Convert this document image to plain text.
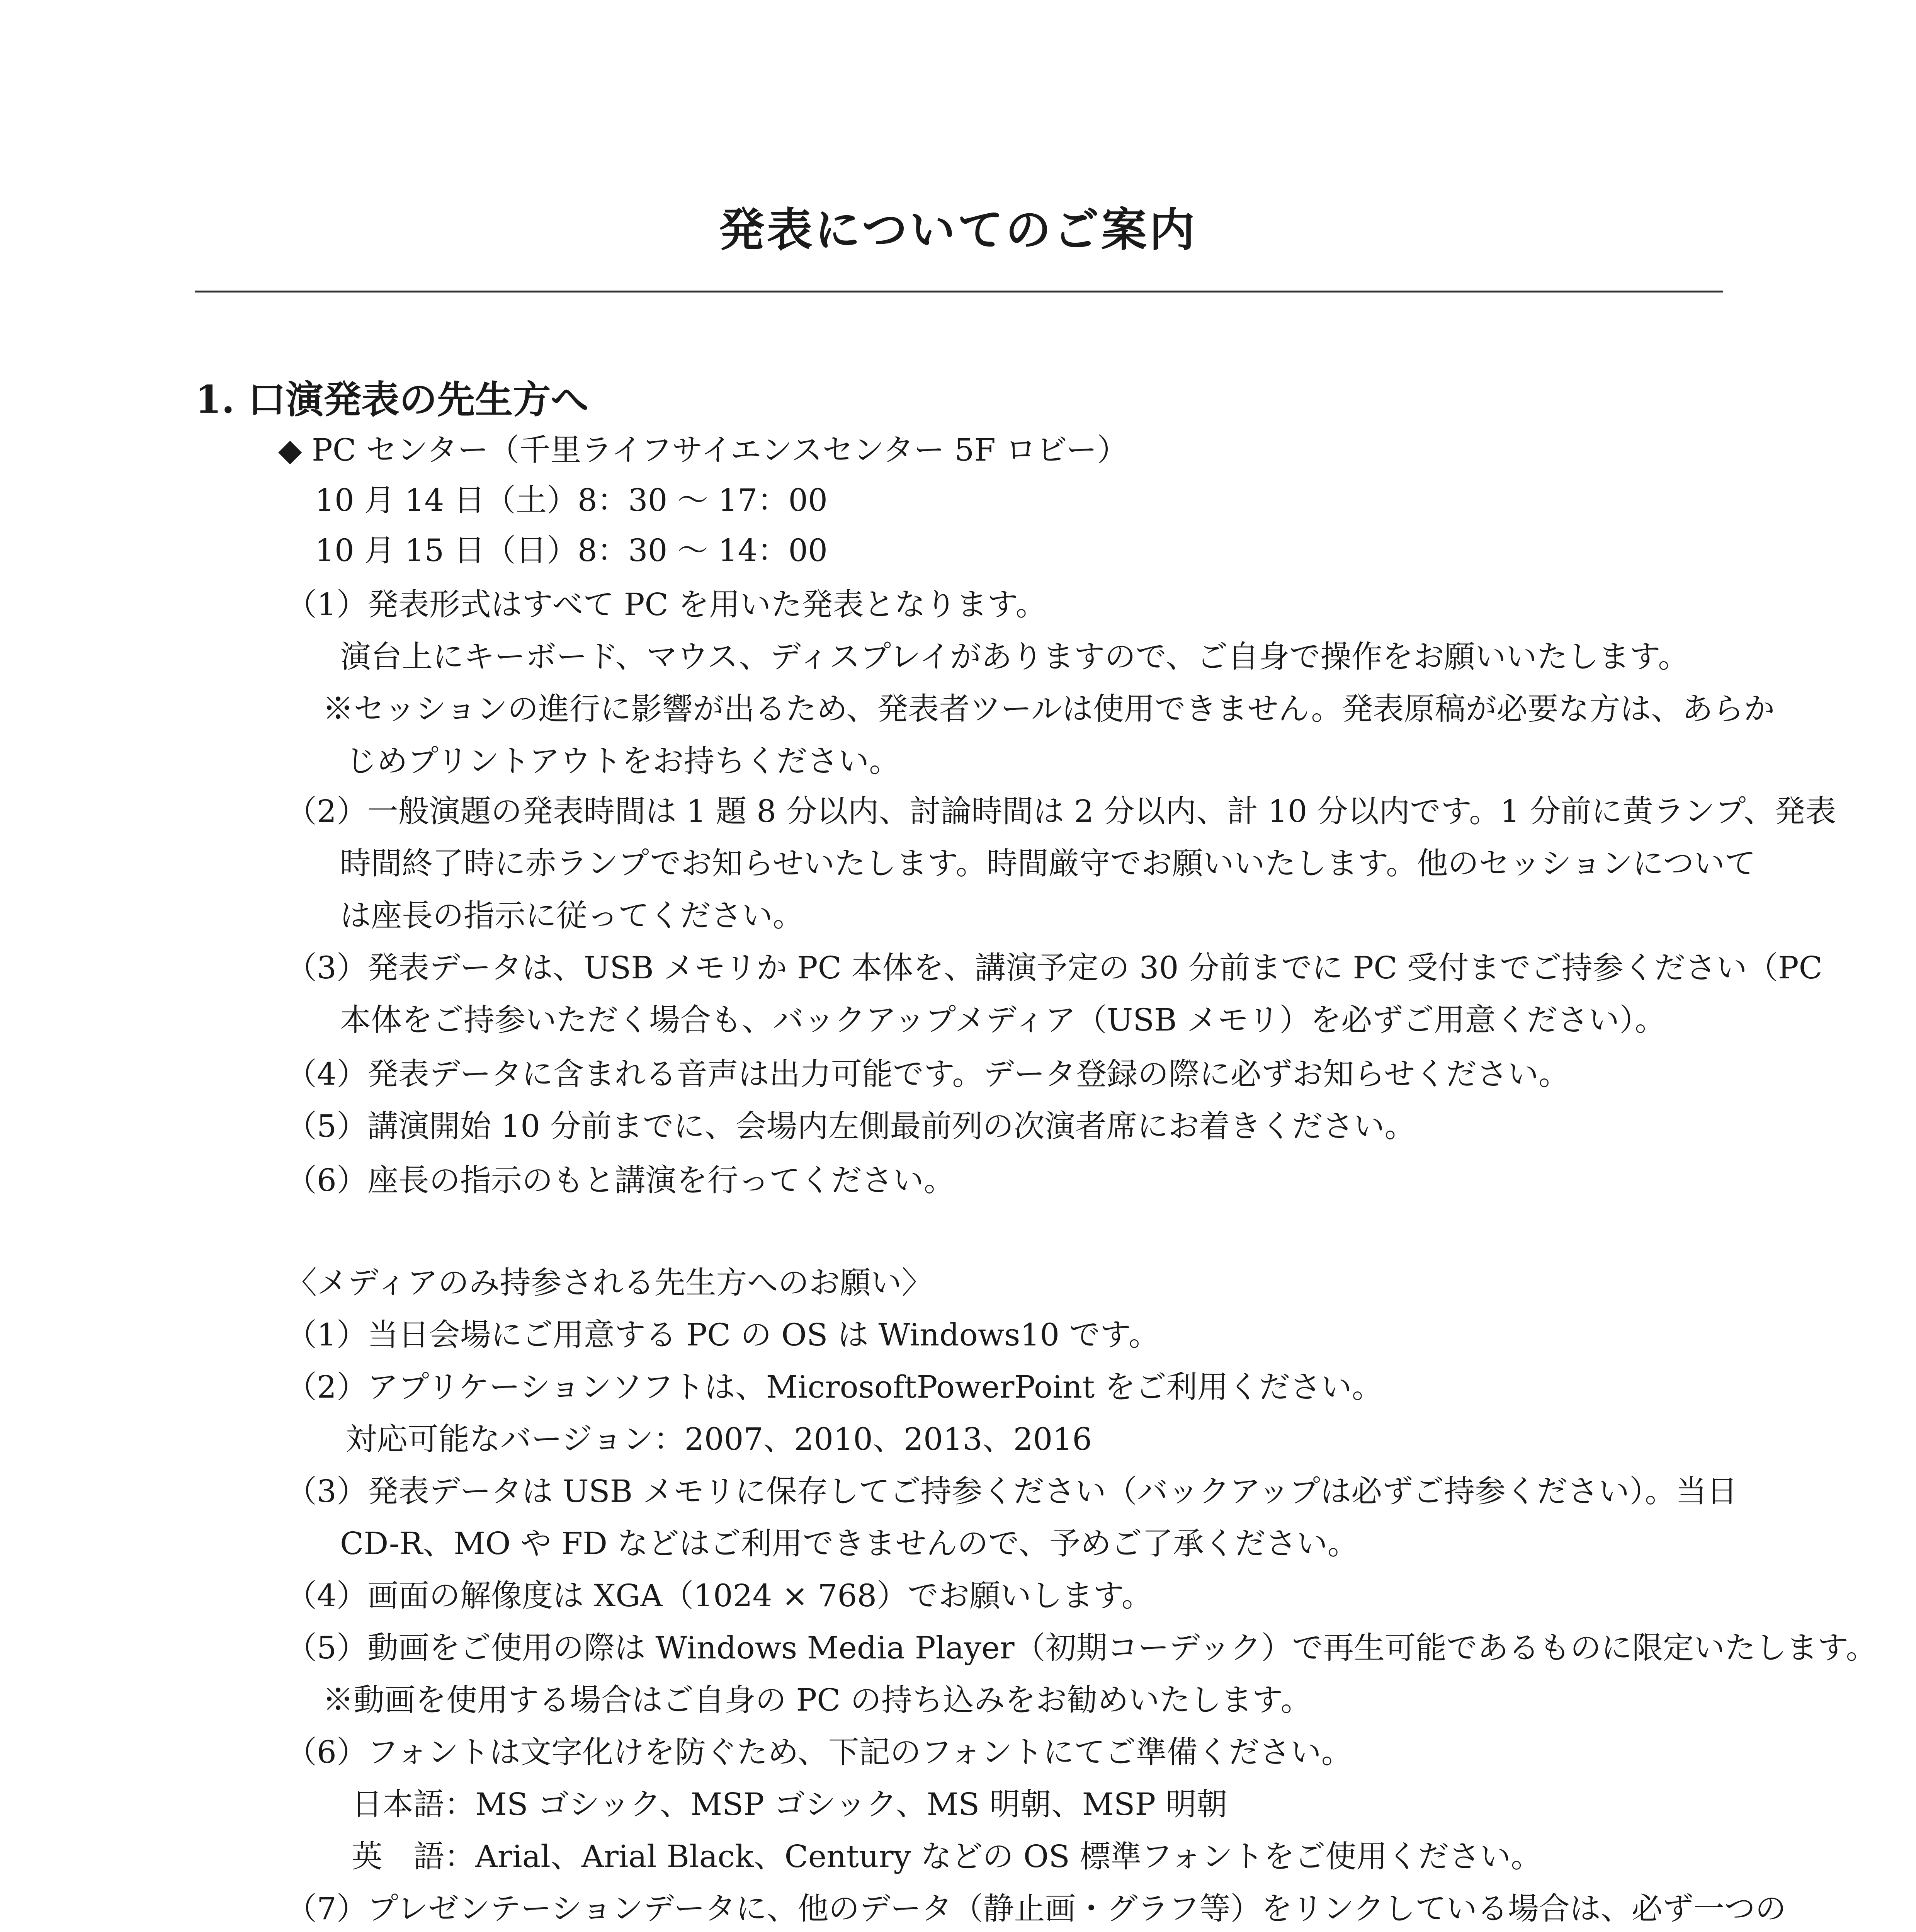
発表についてのご案内
1. 口演発表の先生方へ
◆ PC センター（千里ライフサイエンスセンター 5F ロビー）
10 月 14 日（土）8：30 ～ 17：00
10 月 15 日（日）8：30 ～ 14：00
（1）発表形式はすべて PC を用いた発表となります。
演台上にキーボード、マウス、ディスプレイがありますので、ご自身で操作をお願いいたします。
※セッションの進行に影響が出るため、発表者ツールは使用できません。発表原稿が必要な方は、あらか
じめプリントアウトをお持ちください。
（2）一般演題の発表時間は 1 題 8 分以内、討論時間は 2 分以内、計 10 分以内です。1 分前に黄ランプ、発表
時間終了時に赤ランプでお知らせいたします。時間厳守でお願いいたします。他のセッションについて
は座長の指示に従ってください。
（3）発表データは、USB メモリか PC 本体を、講演予定の 30 分前までに PC 受付までご持参ください（PC
本体をご持参いただく場合も、バックアップメディア（USB メモリ）を必ずご用意ください）。
（4）発表データに含まれる音声は出力可能です。データ登録の際に必ずお知らせください。
（5）講演開始 10 分前までに、会場内左側最前列の次演者席にお着きください。
（6）座長の指示のもと講演を行ってください。
〈メディアのみ持参される先生方へのお願い〉
（1）当日会場にご用意する PC の OS は Windows10 です。
（2）アプリケーションソフトは、MicrosoftPowerPoint をご利用ください。
対応可能なバージョン：2007、2010、2013、2016
（3）発表データは USB メモリに保存してご持参ください（バックアップは必ずご持参ください）。当日
CD-R、MO や FD などはご利用できませんので、予めご了承ください。
（4）画面の解像度は XGA（1024 × 768）でお願いします。
（5）動画をご使用の際は Windows Media Player（初期コーデック）で再生可能であるものに限定いたします。
※動画を使用する場合はご自身の PC の持ち込みをお勧めいたします。
（6）フォントは文字化けを防ぐため、下記のフォントにてご準備ください。
日本語：MS ゴシック、MSP ゴシック、MS 明朝、MSP 明朝
英　語：Arial、Arial Black、Century などの OS 標準フォントをご使用ください。
（7）プレゼンテーションデータに、他のデータ（静止画・グラフ等）をリンクしている場合は、必ず一つの
